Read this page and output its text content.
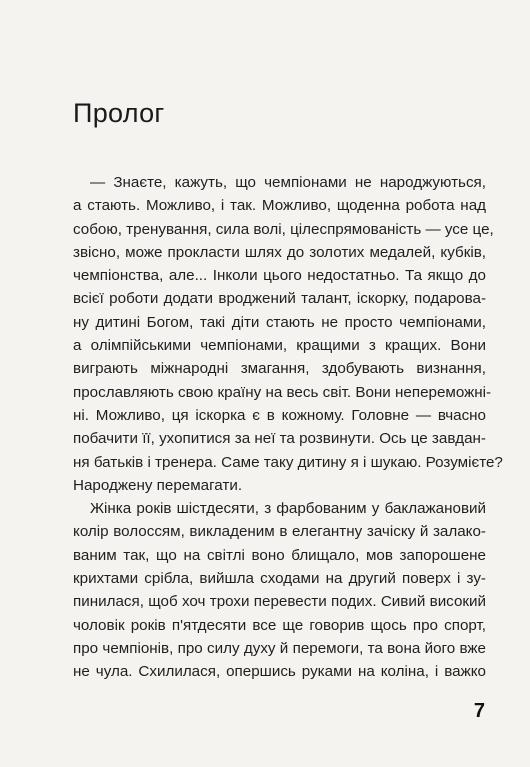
Пролог
— Знаєте, кажуть, що чемпіонами не народжуються,
а стають. Можливо, і так. Можливо, щоденна робота над
собою, тренування, сила волі, цілеспрямованість — усе це,
звісно, може прокласти шлях до золотих медалей, кубків,
чемпіонства, але... Інколи цього недостатньо. Та якщо до
всієї роботи додати вроджений талант, іскорку, подарова-
ну дитині Богом, такі діти стають не просто чемпіонами,
а олімпійськими чемпіонами, кращими з кращих. Вони
виграють міжнародні змагання, здобувають визнання,
прославляють свою країну на весь світ. Вони непереможні-
ні. Можливо, ця іскорка є в кожному. Головне — вчасно
побачити її, ухопитися за неї та розвинути. Ось це завдан-
ня батьків і тренера. Саме таку дитину я і шукаю. Розумієте?
Народжену перемагати.
Жінка років шістдесяти, з фарбованим у баклажановий
колір волоссям, викладеним в елегантну зачіску й залако-
ваним так, що на світлі воно блищало, мов запорошене
крихтами срібла, вийшла сходами на другий поверх і зу-
пинилася, щоб хоч трохи перевести подих. Сивий високий
чоловік років п'ятдесяти все ще говорив щось про спорт,
про чемпіонів, про силу духу й перемоги, та вона його вже
не чула. Схилилася, опершись руками на коліна, і важко
7
